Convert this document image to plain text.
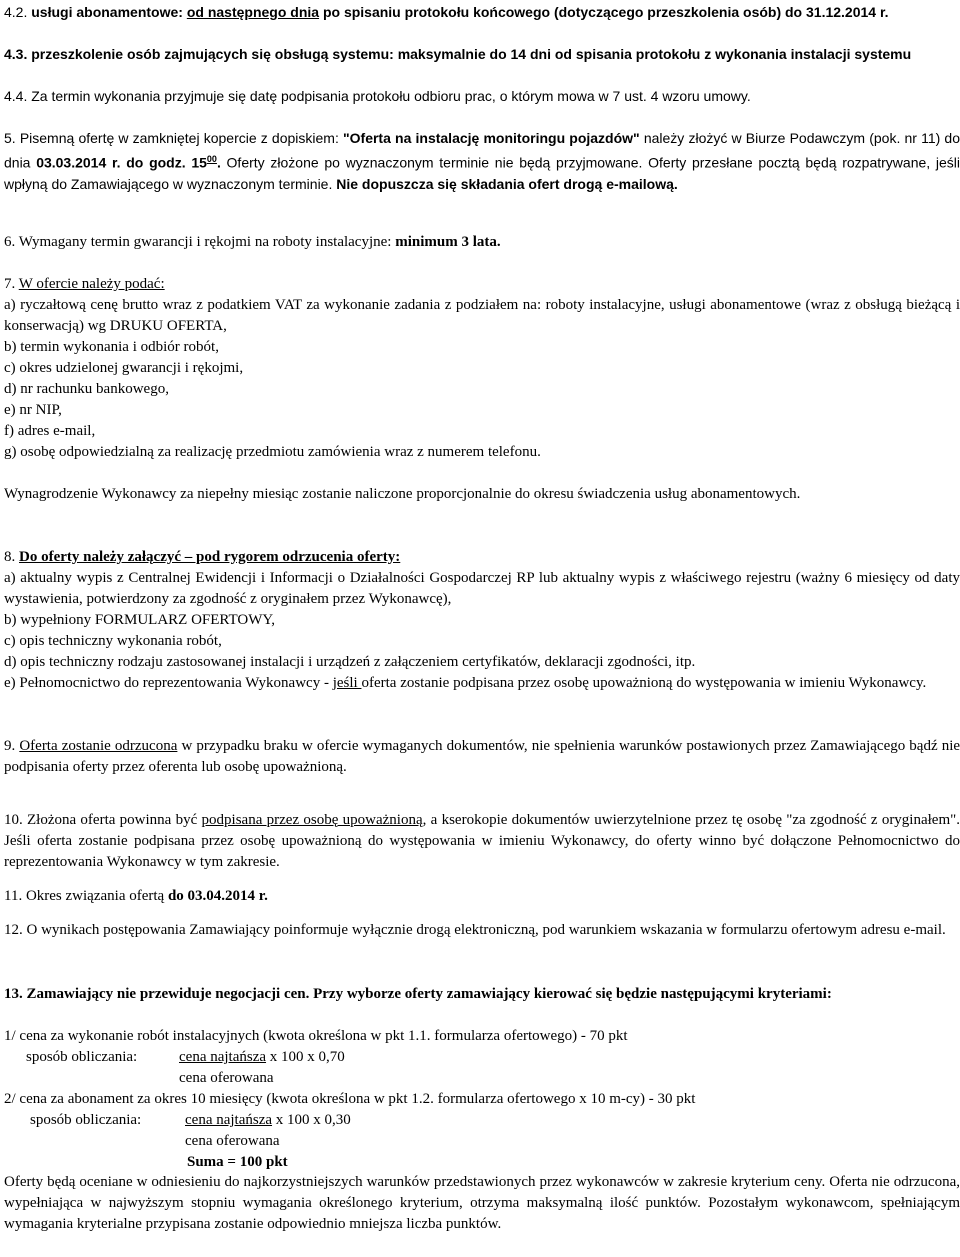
4.2. usługi abonamentowe: od następnego dnia po spisaniu protokołu końcowego (dotyczącego przeszkolenia osób) do 31.12.2014 r.

4.3. przeszkolenie osób zajmujących się obsługą systemu: maksymalnie do 14 dni od spisania protokołu z wykonania instalacji systemu

4.4. Za termin wykonania przyjmuje się datę podpisania protokołu odbioru prac, o którym mowa w 7 ust. 4 wzoru umowy.

5. Pisemną ofertę w zamkniętej kopercie z dopiskiem: "Oferta na instalację monitoringu pojazdów" należy złożyć w Biurze Podawczym (pok. nr 11) do dnia 03.03.2014 r. do godz. $15^{00}$. Oferty złożone po wyznaczonym terminie nie będą przyjmowane. Oferty przesłane pocztą będą rozpatrywane, jeśli wpłyną do Zamawiającego w wyznaczonym terminie. Nie dopuszcza się składania ofert drogą e-mailową.

6. Wymagany termin gwarancji i rękojmi na roboty instalacyjne: minimum 3 lata.

7. W ofercie należy podać:

a) ryczałtową cenę brutto wraz z podatkiem VAT za wykonanie zadania z podziałem na: roboty instalacyjne, usługi abonamentowe (wraz z obsługą bieżącą i konserwacją) wg DRUKU OFERTA,

b) termin wykonania i odbiór robót,

c) okres udzielonej gwarancji i rękojmi,

d) nr rachunku bankowego,

e) nr NIP,

f) adres e-mail,

g) osobę odpowiedzialną za realizację przedmiotu zamówienia wraz z numerem telefonu.

Wynagrodzenie Wykonawcy za niepełny miesiąc zostanie naliczone proporcjonalnie do okresu świadczenia usług abonamentowych.

8. Do oferty należy załączyć – pod rygorem odrzucenia oferty:

a) aktualny wypis z Centralnej Ewidencji i Informacji o Działalności Gospodarczej RP lub aktualny wypis z właściwego rejestru (ważny 6 miesięcy od daty wystawienia, potwierdzony za zgodność z oryginałem przez Wykonawcę),

b) wypełniony FORMULARZ OFERTOWY,

c) opis techniczny wykonania robót,

d) opis techniczny rodzaju zastosowanej instalacji i urządzeń z załączeniem certyfikatów, deklaracji zgodności, itp.

e) Pełnomocnictwo do reprezentowania Wykonawcy - jeśli oferta zostanie podpisana przez osobę upoważnioną do występowania w imieniu Wykonawcy.

9. Oferta zostanie odrzucona w przypadku braku w ofercie wymaganych dokumentów, nie spełnienia warunków postawionych przez Zamawiającego bądź nie podpisania oferty przez oferenta lub osobę upoważnioną.

10. Złożona oferta powinna być podpisana przez osobę upoważnioną, a kserokopie dokumentów uwierzytelnione przez tę osobę "za zgodność z oryginałem". Jeśli oferta zostanie podpisana przez osobę upoważnioną do występowania w imieniu Wykonawcy, do oferty winno być dołączone Pełnomocnictwo do reprezentowania Wykonawcy w tym zakresie.

11. Okres związania ofertą do 03.04.2014 r.

12. O wynikach postępowania Zamawiający poinformuje wyłącznie drogą elektroniczną, pod warunkiem wskazania w formularzu ofertowym adresu e-mail.

13. Zamawiający nie przewiduje negocjacji cen. Przy wyborze oferty zamawiający kierować się będzie następującymi kryteriami:

1/ cena za wykonanie robót instalacyjnych (kwota określona w pkt 1.1. formularza ofertowego) - 70 pkt

sposób obliczania:	cena najtańsza x 100 x 0,70
cena oferowana

2/ cena za abonament za okres 10 miesięcy (kwota określona w pkt 1.2. formularza ofertowego x 10 m-cy) - 30 pkt

sposób obliczania:	cena najtańsza x 100 x 0,30
cena oferowana
Suma = 100 pkt

Oferty będą oceniane w odniesieniu do najkorzystniejszych warunków przedstawionych przez wykonawców w zakresie kryterium ceny. Oferta nie odrzucona, wypełniająca w najwyższym stopniu wymagania określonego kryterium, otrzyma maksymalną ilość punktów. Pozostałym wykonawcom, spełniającym wymagania kryterialne przypisana zostanie odpowiednio mniejsza liczba punktów.
